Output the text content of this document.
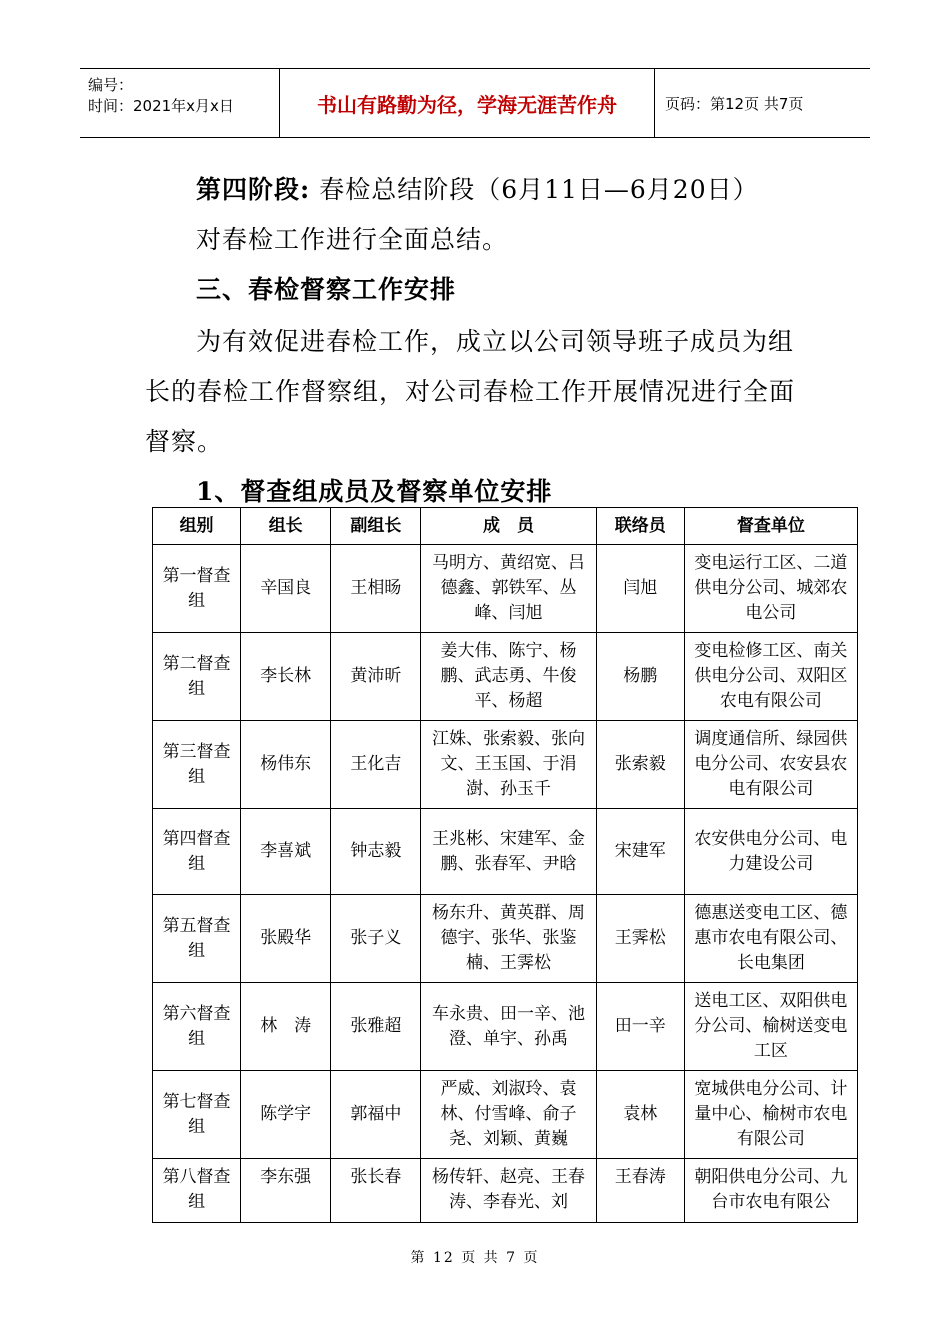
编号：
时间：2021年x月x日	书山有路勤为径，学海无涯苦作舟	页码：第12页 共7页
第四阶段: 春检总结阶段（6月11日—6月20日）
对春检工作进行全面总结。
三、春检督察工作安排
为有效促进春检工作，成立以公司领导班子成员为组
长的春检工作督察组，对公司春检工作开展情况进行全面
督察。
1、督查组成员及督察单位安排
组别	组长	副组长	成　员	联络员	督查单位
第一督查组	辛国良	王相旸	马明方、黄绍宽、吕德鑫、郭铁军、丛峰、闫旭	闫旭	变电运行工区、二道供电分公司、城郊农电公司
第二督查组	李长林	黄沛昕	姜大伟、陈宁、杨鹏、武志勇、牛俊平、杨超	杨鹏	变电检修工区、南关供电分公司、双阳区农电有限公司
第三督查组	杨伟东	王化吉	江姝、张索毅、张向文、王玉国、于涓澍、孙玉千	张索毅	调度通信所、绿园供电分公司、农安县农电有限公司
第四督查组	李喜斌	钟志毅	王兆彬、宋建军、金鹏、张春军、尹晗	宋建军	农安供电分公司、电力建设公司
第五督查组	张殿华	张子义	杨东升、黄英群、周德宇、张华、张鉴楠、王霁松	王霁松	德惠送变电工区、德惠市农电有限公司、长电集团
第六督查组	林　涛	张雅超	车永贵、田一辛、池澄、单宇、孙禹	田一辛	送电工区、双阳供电分公司、榆树送变电工区
第七督查组	陈学宇	郭福中	严威、刘淑玲、袁林、付雪峰、俞子尧、刘颖、黄巍	袁林	宽城供电分公司、计量中心、榆树市农电有限公司
第八督查组	李东强	张长春	杨传轩、赵亮、王春涛、李春光、刘	王春涛	朝阳供电分公司、九台市农电有限公
第 12 页 共 7 页
